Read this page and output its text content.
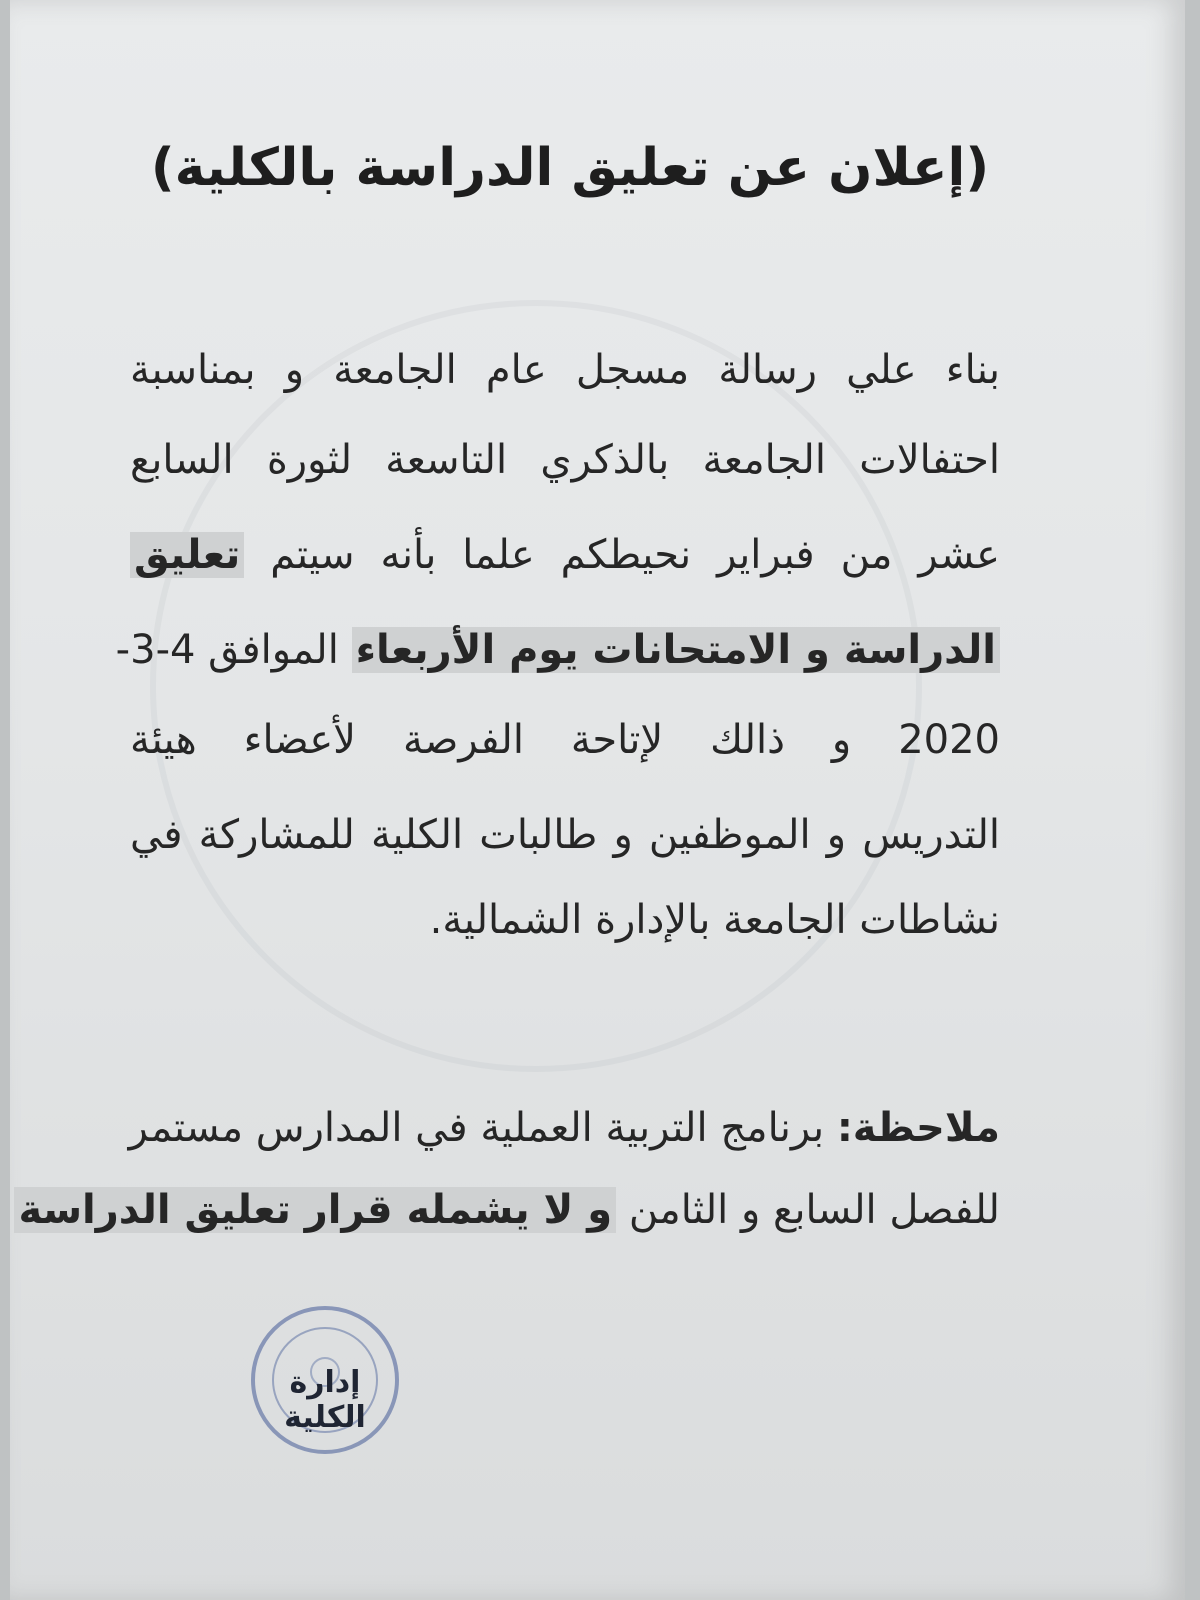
(إعلان عن تعليق الدراسة بالكلية)
بناء علي رسالة مسجل عام الجامعة و بمناسبة
احتفالات الجامعة بالذكري التاسعة لثورة السابع
عشر من فبراير نحيطكم علما بأنه سيتم تعليق
الدراسة و الامتحانات يوم الأربعاء الموافق 4-3-
2020 و ذالك لإتاحة الفرصة لأعضاء هيئة
التدريس و الموظفين و طالبات الكلية للمشاركة في
نشاطات الجامعة بالإدارة الشمالية.
ملاحظة: برنامج التربية العملية في المدارس مستمر
للفصل السابع و الثامن و لا يشمله قرار تعليق الدراسة
إدارة الكلية
